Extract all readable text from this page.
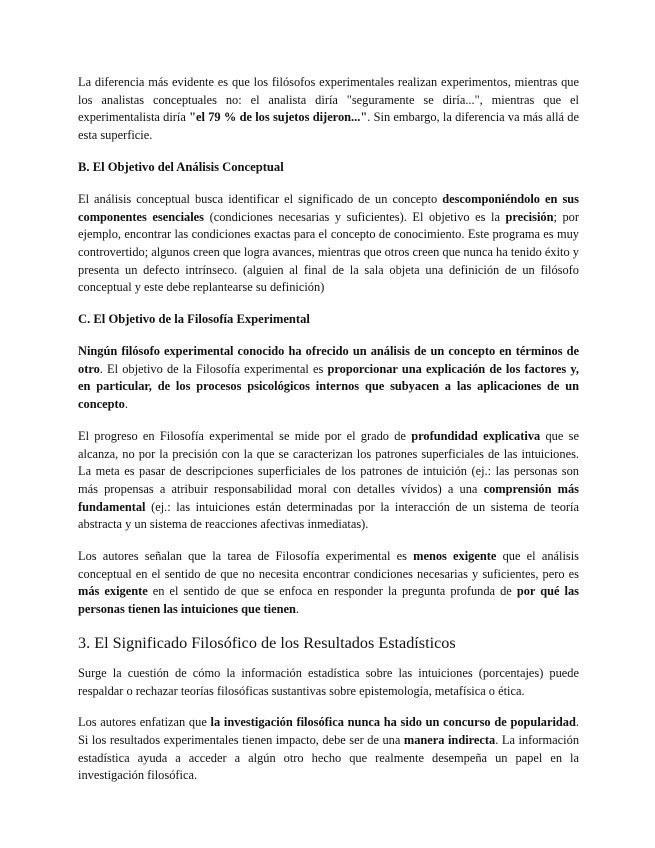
La diferencia más evidente es que los filósofos experimentales realizan experimentos, mientras que los analistas conceptuales no: el analista diría "seguramente se diría...", mientras que el experimentalista diría "el 79 % de los sujetos dijeron...". Sin embargo, la diferencia va más allá de esta superficie.

B. El Objetivo del Análisis Conceptual

El análisis conceptual busca identificar el significado de un concepto descomponiéndolo en sus componentes esenciales (condiciones necesarias y suficientes). El objetivo es la precisión; por ejemplo, encontrar las condiciones exactas para el concepto de conocimiento. Este programa es muy controvertido; algunos creen que logra avances, mientras que otros creen que nunca ha tenido éxito y presenta un defecto intrínseco. (alguien al final de la sala objeta una definición de un filósofo conceptual y este debe replantearse su definición)

C. El Objetivo de la Filosofía Experimental

Ningún filósofo experimental conocido ha ofrecido un análisis de un concepto en términos de otro. El objetivo de la Filosofía experimental es proporcionar una explicación de los factores y, en particular, de los procesos psicológicos internos que subyacen a las aplicaciones de un concepto.

El progreso en Filosofía experimental se mide por el grado de profundidad explicativa que se alcanza, no por la precisión con la que se caracterizan los patrones superficiales de las intuiciones. La meta es pasar de descripciones superficiales de los patrones de intuición (ej.: las personas son más propensas a atribuir responsabilidad moral con detalles vívidos) a una comprensión más fundamental (ej.: las intuiciones están determinadas por la interacción de un sistema de teoría abstracta y un sistema de reacciones afectivas inmediatas).

Los autores señalan que la tarea de Filosofía experimental es menos exigente que el análisis conceptual en el sentido de que no necesita encontrar condiciones necesarias y suficientes, pero es más exigente en el sentido de que se enfoca en responder la pregunta profunda de por qué las personas tienen las intuiciones que tienen.

3. El Significado Filosófico de los Resultados Estadísticos

Surge la cuestión de cómo la información estadística sobre las intuiciones (porcentajes) puede respaldar o rechazar teorías filosóficas sustantivas sobre epistemología, metafísica o ética.

Los autores enfatizan que la investigación filosófica nunca ha sido un concurso de popularidad. Si los resultados experimentales tienen impacto, debe ser de una manera indirecta. La información estadística ayuda a acceder a algún otro hecho que realmente desempeña un papel en la investigación filosófica.
